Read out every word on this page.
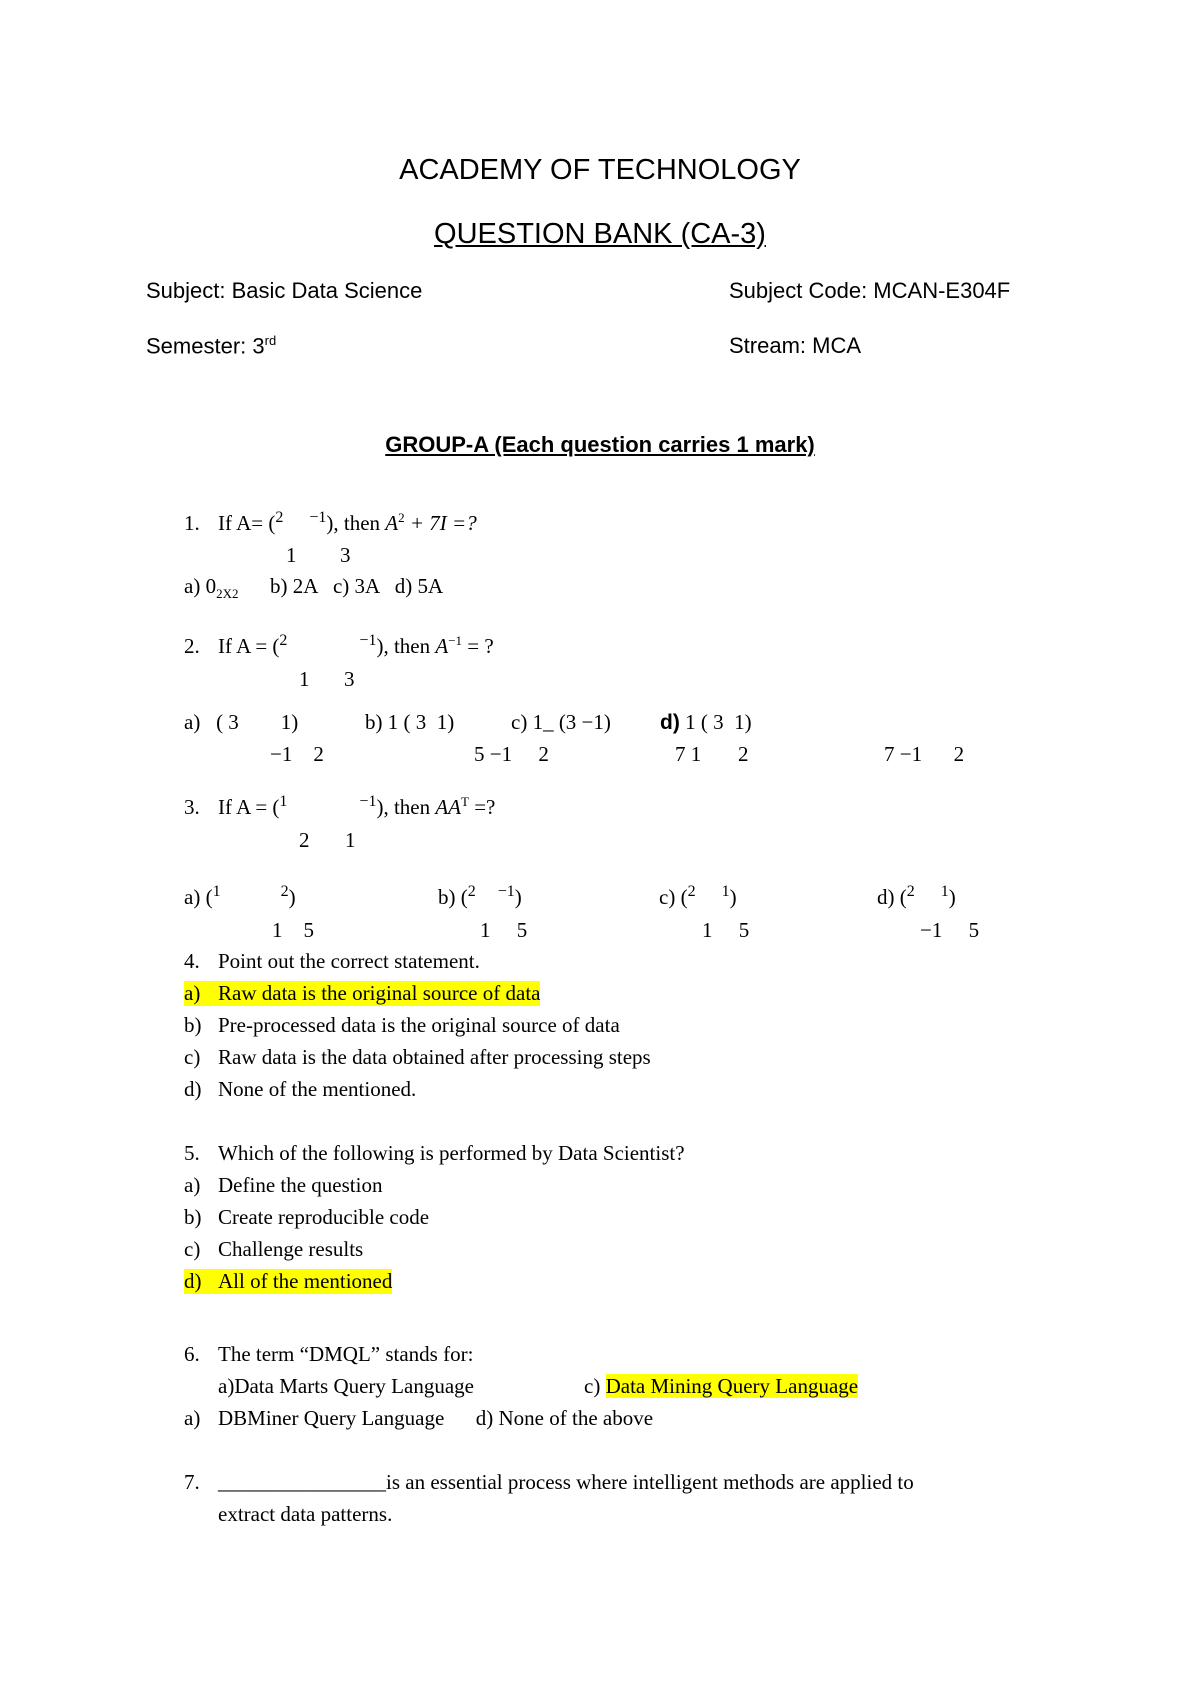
ACADEMY OF TECHNOLOGY
QUESTION BANK (CA-3)
Subject: Basic Data Science	Subject Code: MCAN-E304F
Semester: 3rd	Stream: MCA
GROUP-A (Each question carries 1 mark)
1. If A= ($^2$ $^{-1}$), then $A^2 + 7I$ =?
1 3
a) $0_{2X2}$      b) 2A   c) 3A   d) 5A
2. If A = ($^2$	$^{-1}$), then $A^{-1}$ = ?
1 3
a)   ( 3        1)	b) 1 ( 3  1)	c) 1_ (3 −1) d) 1 ( 3  1)
−1    2	5 −1     2	7 1       2	7 −1      2
3. If A = ($^1$	$^{-1}$), then $AA^T$ =?
2 1
a) ($^1$	$^2$)
1    5
b) ($^2$ $^{-1}$)
1     5
c) ($^2$ $^1$)
1     5
d) ($^2$ $^1$)
−1     5
4. Point out the correct statement.
a) Raw data is the original source of data
b) Pre-processed data is the original source of data
c) Raw data is the data obtained after processing steps
d) None of the mentioned.
5. Which of the following is performed by Data Scientist?
a) Define the question
b) Create reproducible code
c) Challenge results
d) All of the mentioned
6. The term “DMQL” stands for:
a)Data Marts Query Language	c) Data Mining Query Language
a) DBMiner Query Language      d) None of the above
7. ________________is an essential process where intelligent methods are applied to
extract data patterns.
